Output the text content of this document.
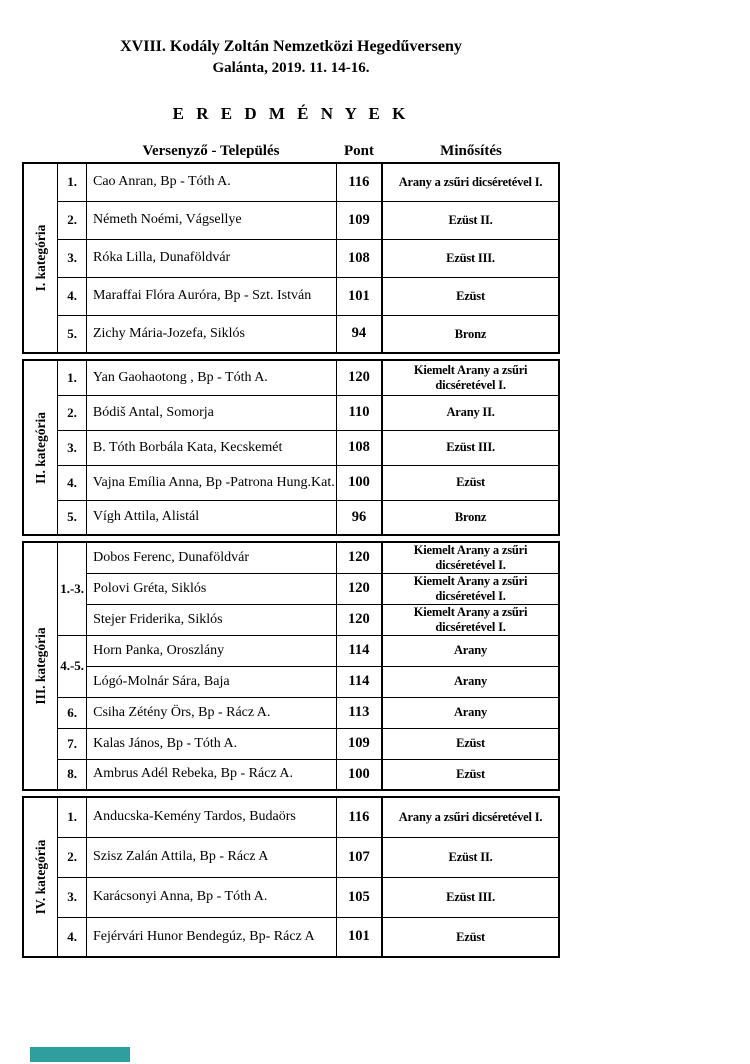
XVIII. Kodály Zoltán Nemzetközi Hegedűverseny
Galánta, 2019. 11. 14-16.
E R E D M É N Y E K
Versenyző - Település	Pont	Minősítés
I. kategória	1.	Cao Anran, Bp - Tóth A.	116	Arany a zsűri dicséretével I.
	2.	Németh Noémi, Vágsellye	109	Ezüst II.
	3.	Róka Lilla, Dunaföldvár	108	Ezüst III.
	4.	Maraffai Flóra Auróra, Bp - Szt. István	101	Ezüst
	5.	Zichy Mária-Jozefa, Siklós	94	Bronz
II. kategória	1.	Yan Gaohaotong , Bp - Tóth A.	120	Kiemelt Arany a zsűri dicséretével I.
	2.	Bódiš Antal, Somorja	110	Arany II.
	3.	B. Tóth Borbála Kata, Kecskemét	108	Ezüst III.
	4.	Vajna Emília Anna, Bp -Patrona Hung.Kat.	100	Ezüst
	5.	Vígh Attila, Alistál	96	Bronz
III. kategória	1.-3.	Dobos Ferenc, Dunaföldvár	120	Kiemelt Arany a zsűri dicséretével I.
		Polovi Gréta, Siklós	120	Kiemelt Arany a zsűri dicséretével I.
		Stejer Friderika, Siklós	120	Kiemelt Arany a zsűri dicséretével I.
	4.-5.	Horn Panka, Oroszlány	114	Arany
		Lógó-Molnár Sára, Baja	114	Arany
	6.	Csiha Zétény Örs, Bp - Rácz A.	113	Arany
	7.	Kalas János, Bp - Tóth A.	109	Ezüst
	8.	Ambrus Adél Rebeka, Bp - Rácz A.	100	Ezüst
IV. kategória	1.	Anducska-Kemény Tardos, Budaörs	116	Arany a zsűri dicséretével I.
	2.	Szisz Zalán Attila, Bp - Rácz A	107	Ezüst II.
	3.	Karácsonyi Anna, Bp - Tóth A.	105	Ezüst III.
	4.	Fejérvári Hunor Bendegúz, Bp- Rácz A	101	Ezüst
